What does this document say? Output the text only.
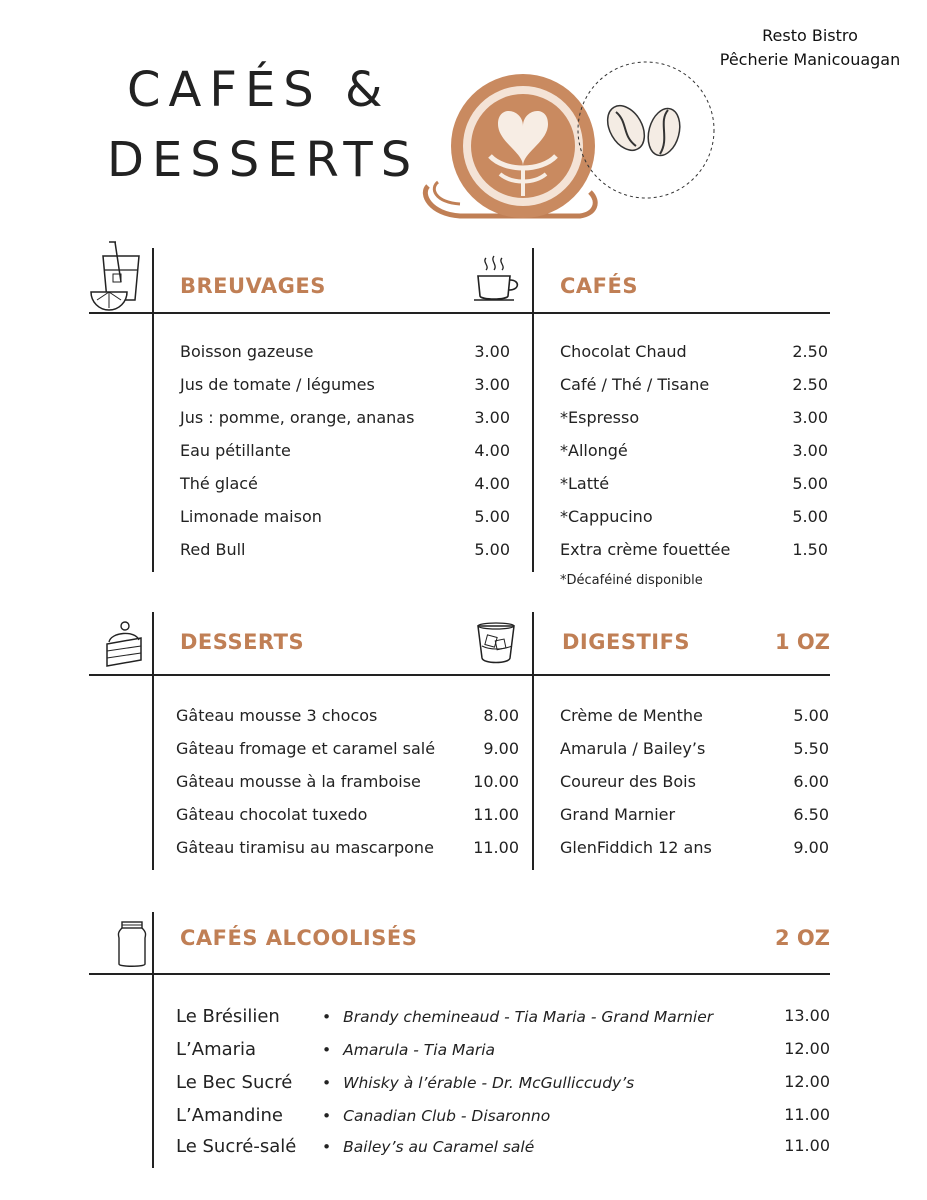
CAFÉS &
DESSERTS
Resto Bistro
Pêcherie Manicouagan
BREUVAGES	CAFÉS
Boisson gazeuse	3.00
Jus de tomate / légumes	3.00
Jus : pomme, orange, ananas	3.00
Eau pétillante	4.00
Thé glacé	4.00
Limonade maison	5.00
Red Bull	5.00
Chocolat Chaud	2.50
Café / Thé / Tisane	2.50
*Espresso	3.00
*Allongé	3.00
*Latté	5.00
*Cappucino	5.00
Extra crème fouettée	1.50
*Décaféiné disponible
DESSERTS	DIGESTIFS	1 OZ
Gâteau mousse 3 chocos	8.00
Gâteau fromage et caramel salé	9.00
Gâteau mousse à la framboise	10.00
Gâteau chocolat tuxedo	11.00
Gâteau tiramisu au mascarpone	11.00
Crème de Menthe	5.00
Amarula / Bailey’s	5.50
Coureur des Bois	6.00
Grand Marnier	6.50
GlenFiddich 12 ans	9.00
CAFÉS ALCOOLISÉS	2 OZ
Le Brésilien	• Brandy chemineaud - Tia Maria - Grand Marnier	13.00
L’Amaria	• Amarula - Tia Maria	12.00
Le Bec Sucré	• Whisky à l’érable - Dr. McGulliccudy’s	12.00
L’Amandine	• Canadian Club - Disaronno	11.00
Le Sucré-salé	• Bailey’s au Caramel salé	11.00
